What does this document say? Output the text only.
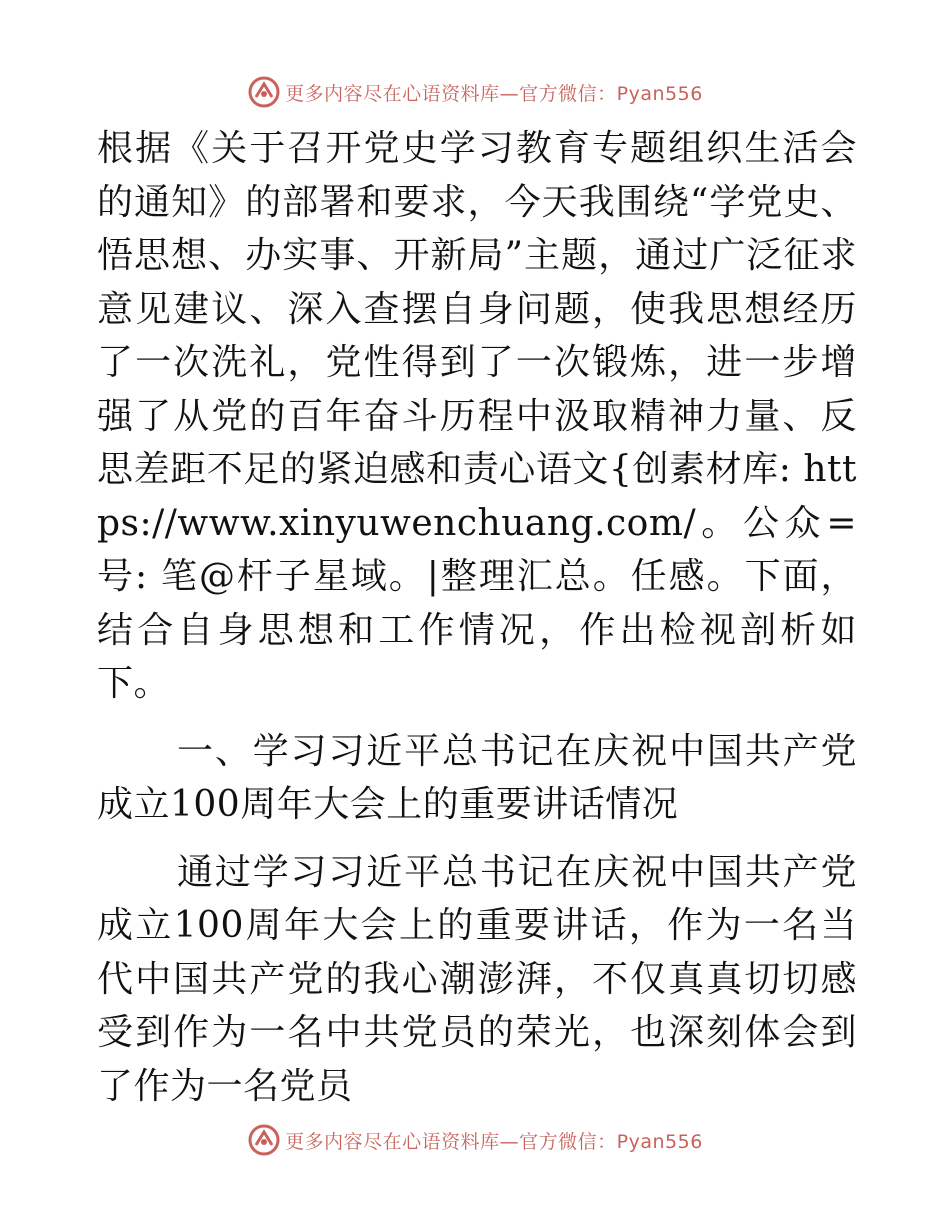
更多内容尽在心语资料库—官方微信：Pyan556

根据《关于召开党史学习教育专题组织生活会的通知》的部署和要求，今天我围绕“学党史、悟思想、办实事、开新局”主题，通过广泛征求意见建议、深入查摆自身问题，使我思想经历了一次洗礼，党性得到了一次锻炼，进一步增强了从党的百年奋斗历程中汲取精神力量、反思差距不足的紧迫感和责心语文{创素材库: https://www.xinyuwenchuang.com/。公众=号: 笔@杆子星域。|整理汇总。任感。下面，结合自身思想和工作情况，作出检视剖析如下。

一、学习习近平总书记在庆祝中国共产党成立100周年大会上的重要讲话情况

通过学习习近平总书记在庆祝中国共产党成立100周年大会上的重要讲话，作为一名当代中国共产党的我心潮澎湃，不仅真真切切感受到作为一名中共党员的荣光，也深刻体会到了作为一名党员

更多内容尽在心语资料库—官方微信：Pyan556
